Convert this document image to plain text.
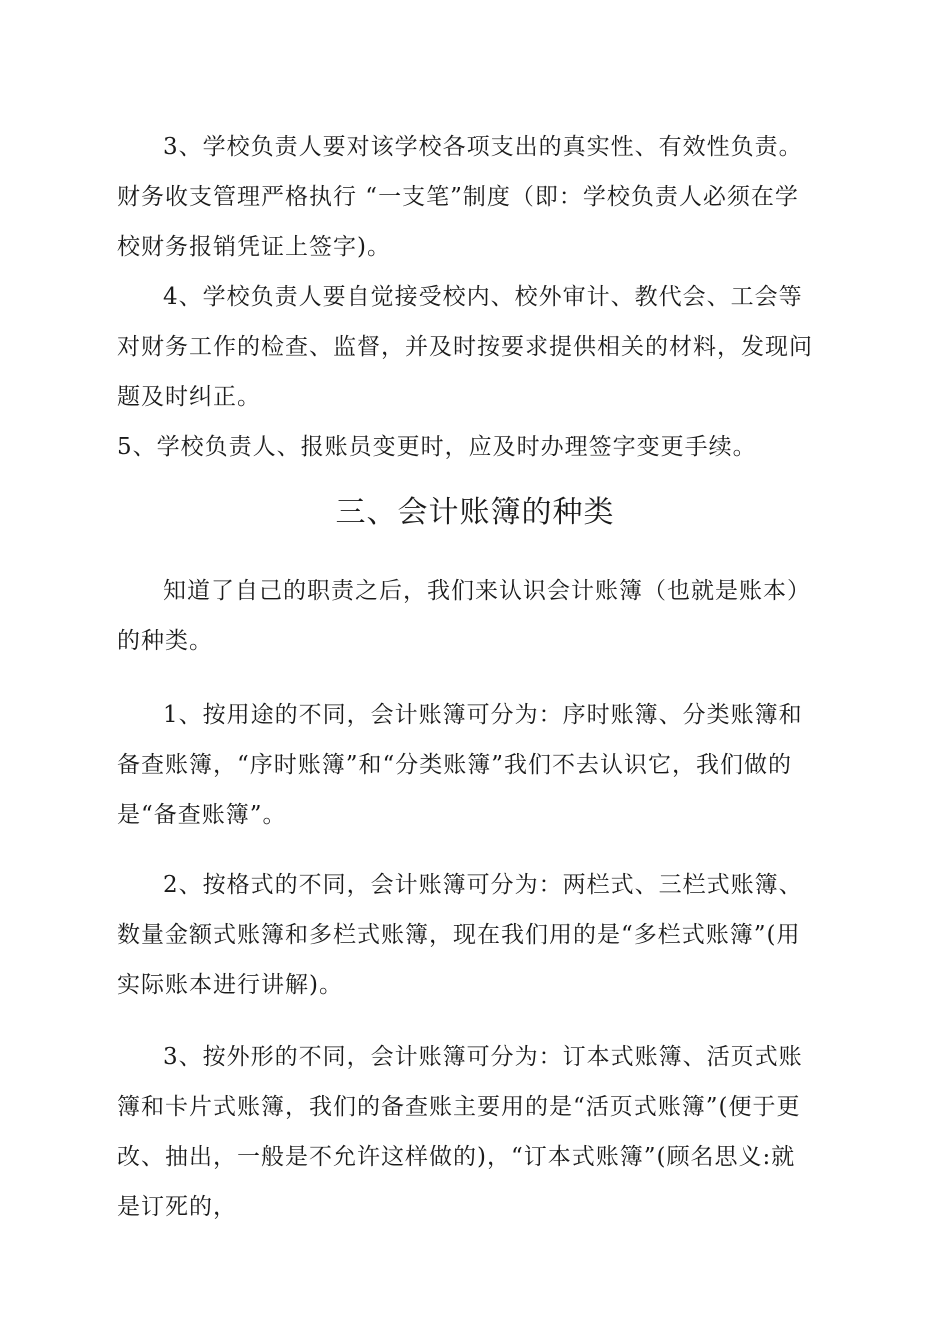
3、学校负责人要对该学校各项支出的真实性、有效性负责。财务收支管理严格执行 “一支笔”制度（即：学校负责人必须在学校财务报销凭证上签字)。

4、学校负责人要自觉接受校内、校外审计、教代会、工会等对财务工作的检查、监督，并及时按要求提供相关的材料，发现问题及时纠正。

5、学校负责人、报账员变更时，应及时办理签字变更手续。

三、会计账簿的种类

知道了自己的职责之后，我们来认识会计账簿（也就是账本）的种类。

1、按用途的不同，会计账簿可分为：序时账簿、分类账簿和备查账簿，“序时账簿”和“分类账簿”我们不去认识它，我们做的是“备查账簿”。

2、按格式的不同，会计账簿可分为：两栏式、三栏式账簿、数量金额式账簿和多栏式账簿，现在我们用的是“多栏式账簿”(用实际账本进行讲解)。

3、按外形的不同，会计账簿可分为：订本式账簿、活页式账簿和卡片式账簿，我们的备查账主要用的是“活页式账簿”(便于更改、抽出，一般是不允许这样做的)，“订本式账簿”(顾名思义:就是订死的，
